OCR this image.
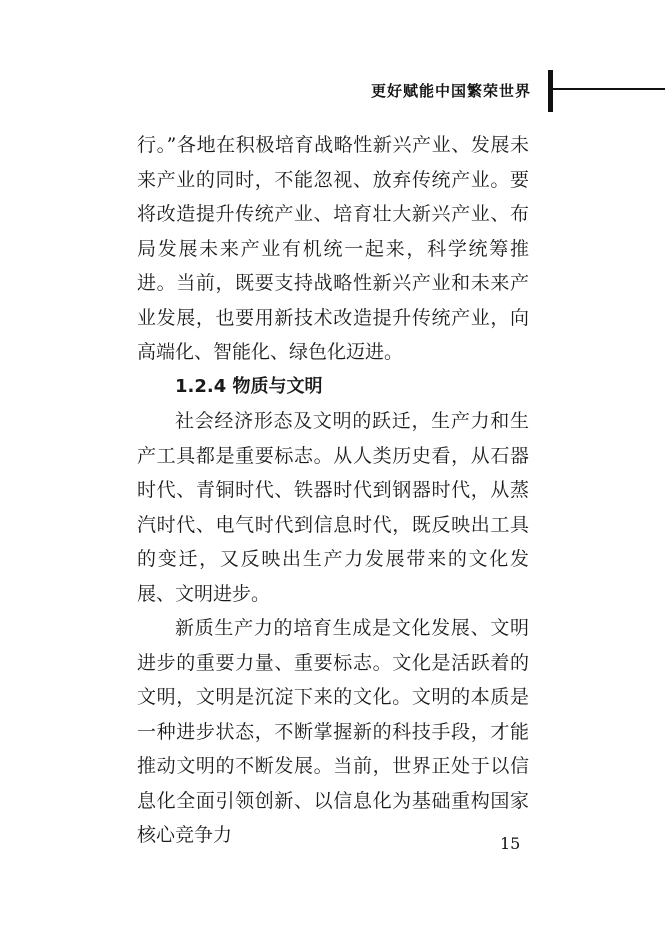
更好赋能中国繁荣世界

行。”各地在积极培育战略性新兴产业、发展未来产业的同时，不能忽视、放弃传统产业。要将改造提升传统产业、培育壮大新兴产业、布局发展未来产业有机统一起来，科学统筹推进。当前，既要支持战略性新兴产业和未来产业发展，也要用新技术改造提升传统产业，向高端化、智能化、绿色化迈进。

1.2.4 物质与文明

社会经济形态及文明的跃迁，生产力和生产工具都是重要标志。从人类历史看，从石器时代、青铜时代、铁器时代到钢器时代，从蒸汽时代、电气时代到信息时代，既反映出工具的变迁，又反映出生产力发展带来的文化发展、文明进步。

新质生产力的培育生成是文化发展、文明进步的重要力量、重要标志。文化是活跃着的文明，文明是沉淀下来的文化。文明的本质是一种进步状态，不断掌握新的科技手段，才能推动文明的不断发展。当前，世界正处于以信息化全面引领创新、以信息化为基础重构国家核心竞争力	15
